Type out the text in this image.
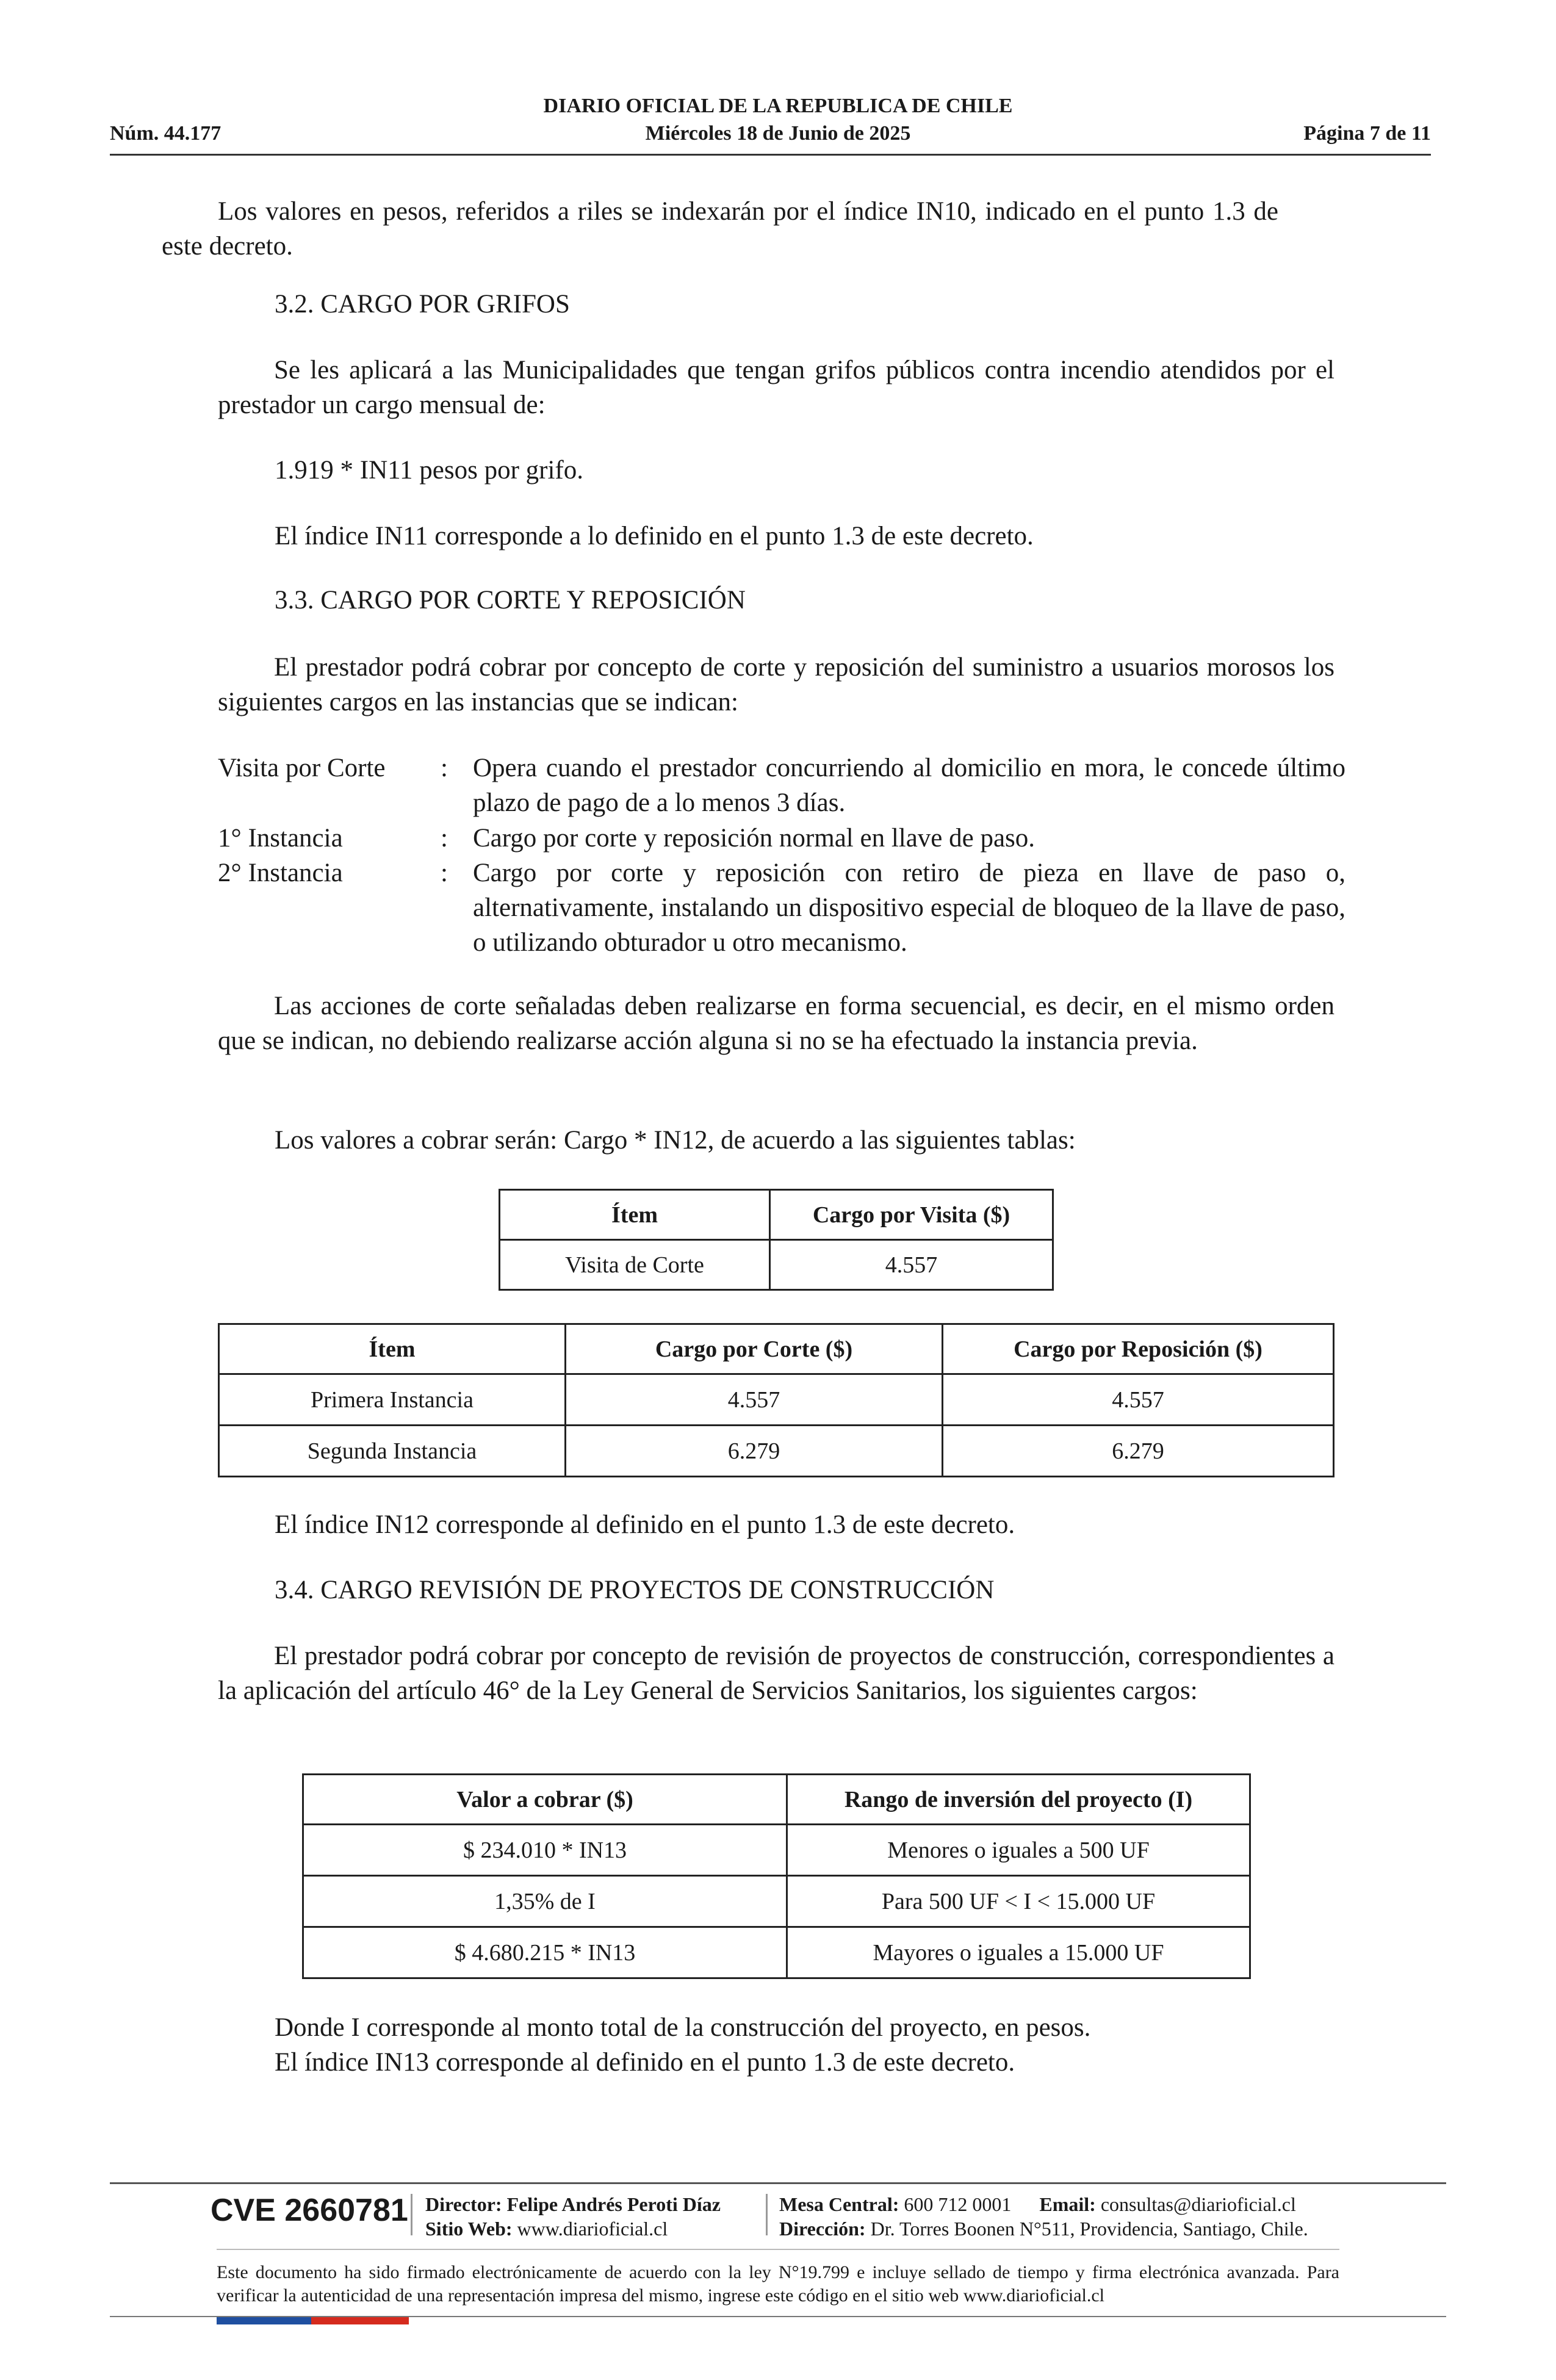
DIARIO OFICIAL DE LA REPUBLICA DE CHILE
Núm. 44.177	Miércoles 18 de Junio de 2025	Página 7 de 11
Los valores en pesos, referidos a riles se indexarán por el índice IN10, indicado en el punto 1.3 de este decreto.
3.2. CARGO POR GRIFOS
Se les aplicará a las Municipalidades que tengan grifos públicos contra incendio atendidos por el prestador un cargo mensual de:
1.919 * IN11 pesos por grifo.
El índice IN11 corresponde a lo definido en el punto 1.3 de este decreto.
3.3. CARGO POR CORTE Y REPOSICIÓN
El prestador podrá cobrar por concepto de corte y reposición del suministro a usuarios morosos los siguientes cargos en las instancias que se indican:
Visita por Corte : Opera cuando el prestador concurriendo al domicilio en mora, le concede último plazo de pago de a lo menos 3 días.
1° Instancia	: Cargo por corte y reposición normal en llave de paso.
2° Instancia	: Cargo por corte y reposición con retiro de pieza en llave de paso o, alternativamente, instalando un dispositivo especial de bloqueo de la llave de paso, o utilizando obturador u otro mecanismo.
Las acciones de corte señaladas deben realizarse en forma secuencial, es decir, en el mismo orden que se indican, no debiendo realizarse acción alguna si no se ha efectuado la instancia previa.
Los valores a cobrar serán: Cargo * IN12, de acuerdo a las siguientes tablas:
Ítem	Cargo por Visita ($)
Visita de Corte	4.557
Ítem	Cargo por Corte ($)	Cargo por Reposición ($)
Primera Instancia	4.557	4.557
Segunda Instancia	6.279	6.279
El índice IN12 corresponde al definido en el punto 1.3 de este decreto.
3.4. CARGO REVISIÓN DE PROYECTOS DE CONSTRUCCIÓN
El prestador podrá cobrar por concepto de revisión de proyectos de construcción, correspondientes a la aplicación del artículo 46° de la Ley General de Servicios Sanitarios, los siguientes cargos:
Valor a cobrar ($)	Rango de inversión del proyecto (I)
$ 234.010 * IN13	Menores o iguales a 500 UF
1,35% de I	Para 500 UF < I < 15.000 UF
$ 4.680.215 * IN13	Mayores o iguales a 15.000 UF
Donde I corresponde al monto total de la construcción del proyecto, en pesos.
El índice IN13 corresponde al definido en el punto 1.3 de este decreto.
CVE 2660781 Director: Felipe Andrés Peroti Díaz
Sitio Web: www.diarioficial.cl
Mesa Central: 600 712 0001 Email: consultas@diarioficial.cl
Dirección: Dr. Torres Boonen N°511, Providencia, Santiago, Chile.
Este documento ha sido firmado electrónicamente de acuerdo con la ley N°19.799 e incluye sellado de tiempo y firma electrónica avanzada. Para verificar la autenticidad de una representación impresa del mismo, ingrese este código en el sitio web www.diarioficial.cl
